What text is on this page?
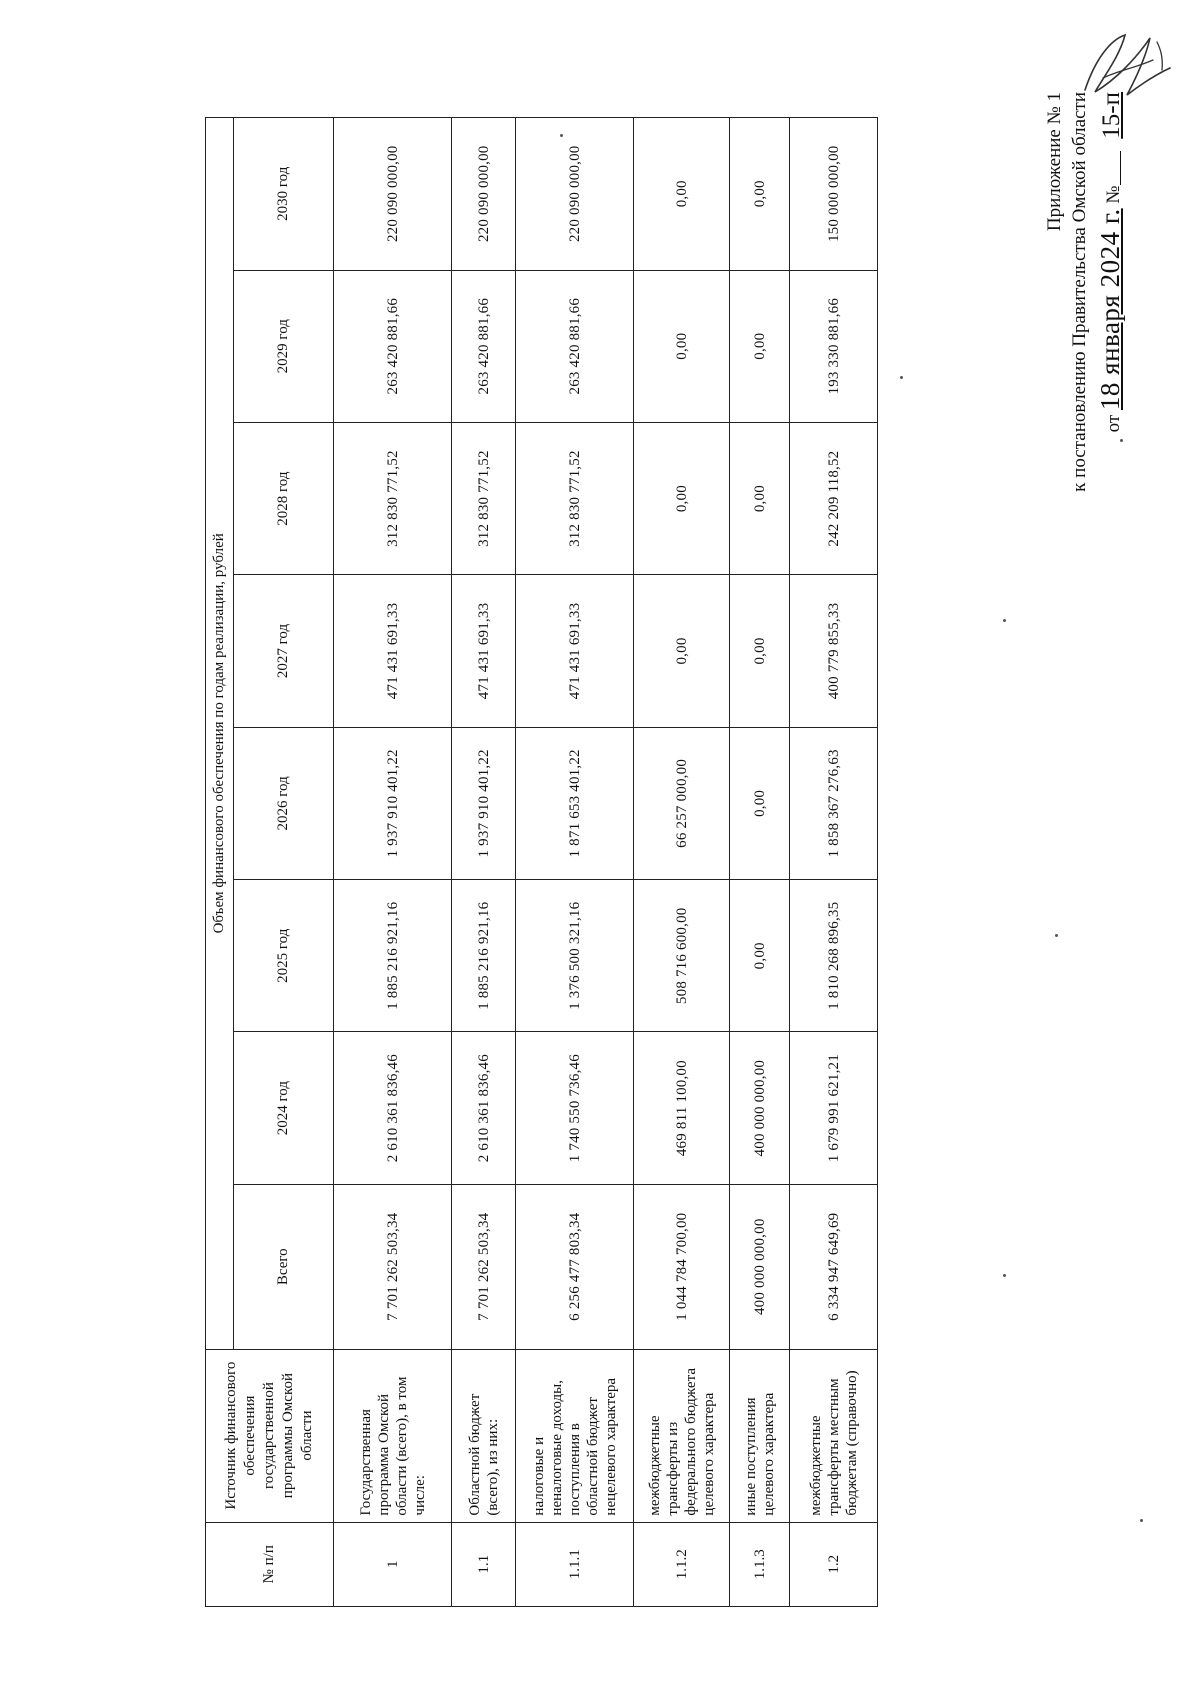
Приложение № 1 к постановлению Правительства Омской области от 18 января 2024 г. № 15-п
№ п/п	Источник финансового обеспечения государственной программы Омской области	Объем финансового обеспечения по годам реализации, рублей							
		Всего	2024 год	2025 год	2026 год	2027 год	2028 год	2029 год	2030 год
1	Государственная программа Омской области (всего), в том числе:	7 701 262 503,34	2 610 361 836,46	1 885 216 921,16	1 937 910 401,22	471 431 691,33	312 830 771,52	263 420 881,66	220 090 000,00
1.1	Областной бюджет (всего), из них:	7 701 262 503,34	2 610 361 836,46	1 885 216 921,16	1 937 910 401,22	471 431 691,33	312 830 771,52	263 420 881,66	220 090 000,00
1.1.1	налоговые и неналоговые доходы, поступления в областной бюджет нецелевого характера	6 256 477 803,34	1 740 550 736,46	1 376 500 321,16	1 871 653 401,22	471 431 691,33	312 830 771,52	263 420 881,66	220 090 000,00
1.1.2	межбюджетные трансферты из федерального бюджета целевого характера	1 044 784 700,00	469 811 100,00	508 716 600,00	66 257 000,00	0,00	0,00	0,00	0,00
1.1.3	иные поступления целевого характера	400 000 000,00	400 000 000,00	0,00	0,00	0,00	0,00	0,00	0,00
1.2	межбюджетные трансферты местным бюджетам (справочно)	6 334 947 649,69	1 679 991 621,21	1 810 268 896,35	1 858 367 276,63	400 779 855,33	242 209 118,52	193 330 881,66	150 000 000,00
